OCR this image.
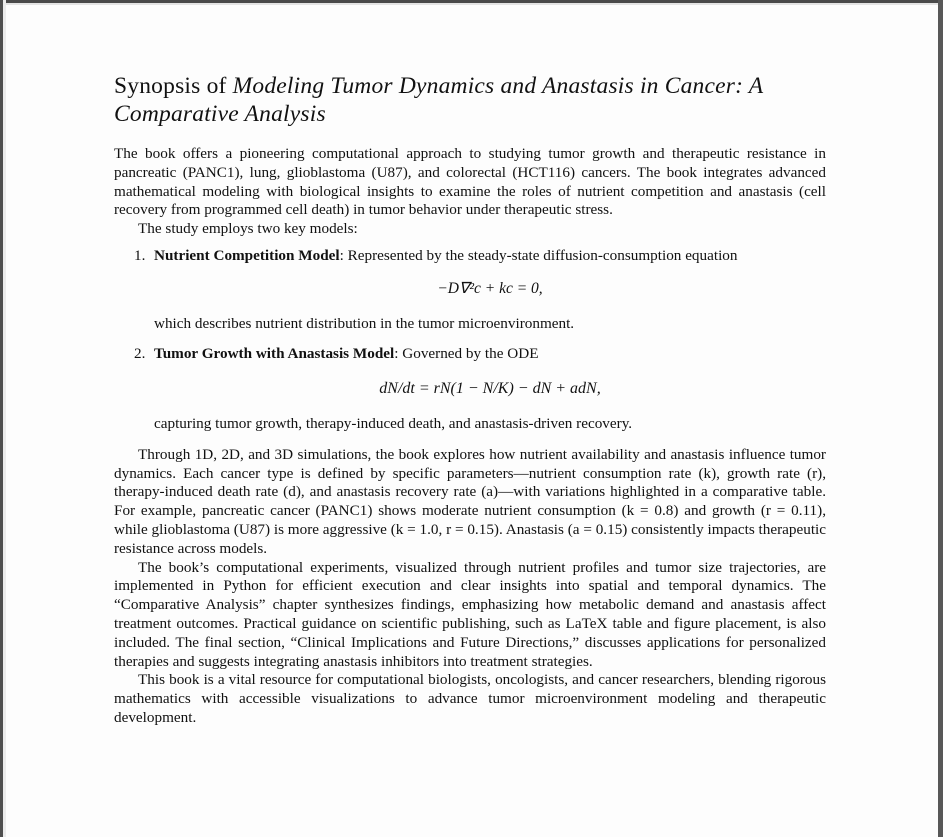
Synopsis of Modeling Tumor Dynamics and Anastasis in Cancer: A Comparative Analysis

The book offers a pioneering computational approach to studying tumor growth and therapeutic resistance in pancreatic (PANC1), lung, glioblastoma (U87), and colorectal (HCT116) cancers. The book integrates advanced mathematical modeling with biological insights to examine the roles of nutrient competition and anastasis (cell recovery from programmed cell death) in tumor behavior under therapeutic stress.

The study employs two key models:

1. Nutrient Competition Model: Represented by the steady-state diffusion-consumption equation

−D∇²c + kc = 0,

which describes nutrient distribution in the tumor microenvironment.

2. Tumor Growth with Anastasis Model: Governed by the ODE

dN/dt = rN(1 − N/K) − dN + adN,

capturing tumor growth, therapy-induced death, and anastasis-driven recovery.

Through 1D, 2D, and 3D simulations, the book explores how nutrient availability and anastasis influence tumor dynamics. Each cancer type is defined by specific parameters—nutrient consumption rate (k), growth rate (r), therapy-induced death rate (d), and anastasis recovery rate (a)—with variations highlighted in a comparative table. For example, pancreatic cancer (PANC1) shows moderate nutrient consumption (k = 0.8) and growth (r = 0.11), while glioblastoma (U87) is more aggressive (k = 1.0, r = 0.15). Anastasis (a = 0.15) consistently impacts therapeutic resistance across models.

The book’s computational experiments, visualized through nutrient profiles and tumor size trajectories, are implemented in Python for efficient execution and clear insights into spatial and temporal dynamics. The “Comparative Analysis” chapter synthesizes findings, emphasizing how metabolic demand and anastasis affect treatment outcomes. Practical guidance on scientific publishing, such as LaTeX table and figure placement, is also included. The final section, “Clinical Implications and Future Directions,” discusses applications for personalized therapies and suggests integrating anastasis inhibitors into treatment strategies.

This book is a vital resource for computational biologists, oncologists, and cancer researchers, blending rigorous mathematics with accessible visualizations to advance tumor microenvironment modeling and therapeutic development.
